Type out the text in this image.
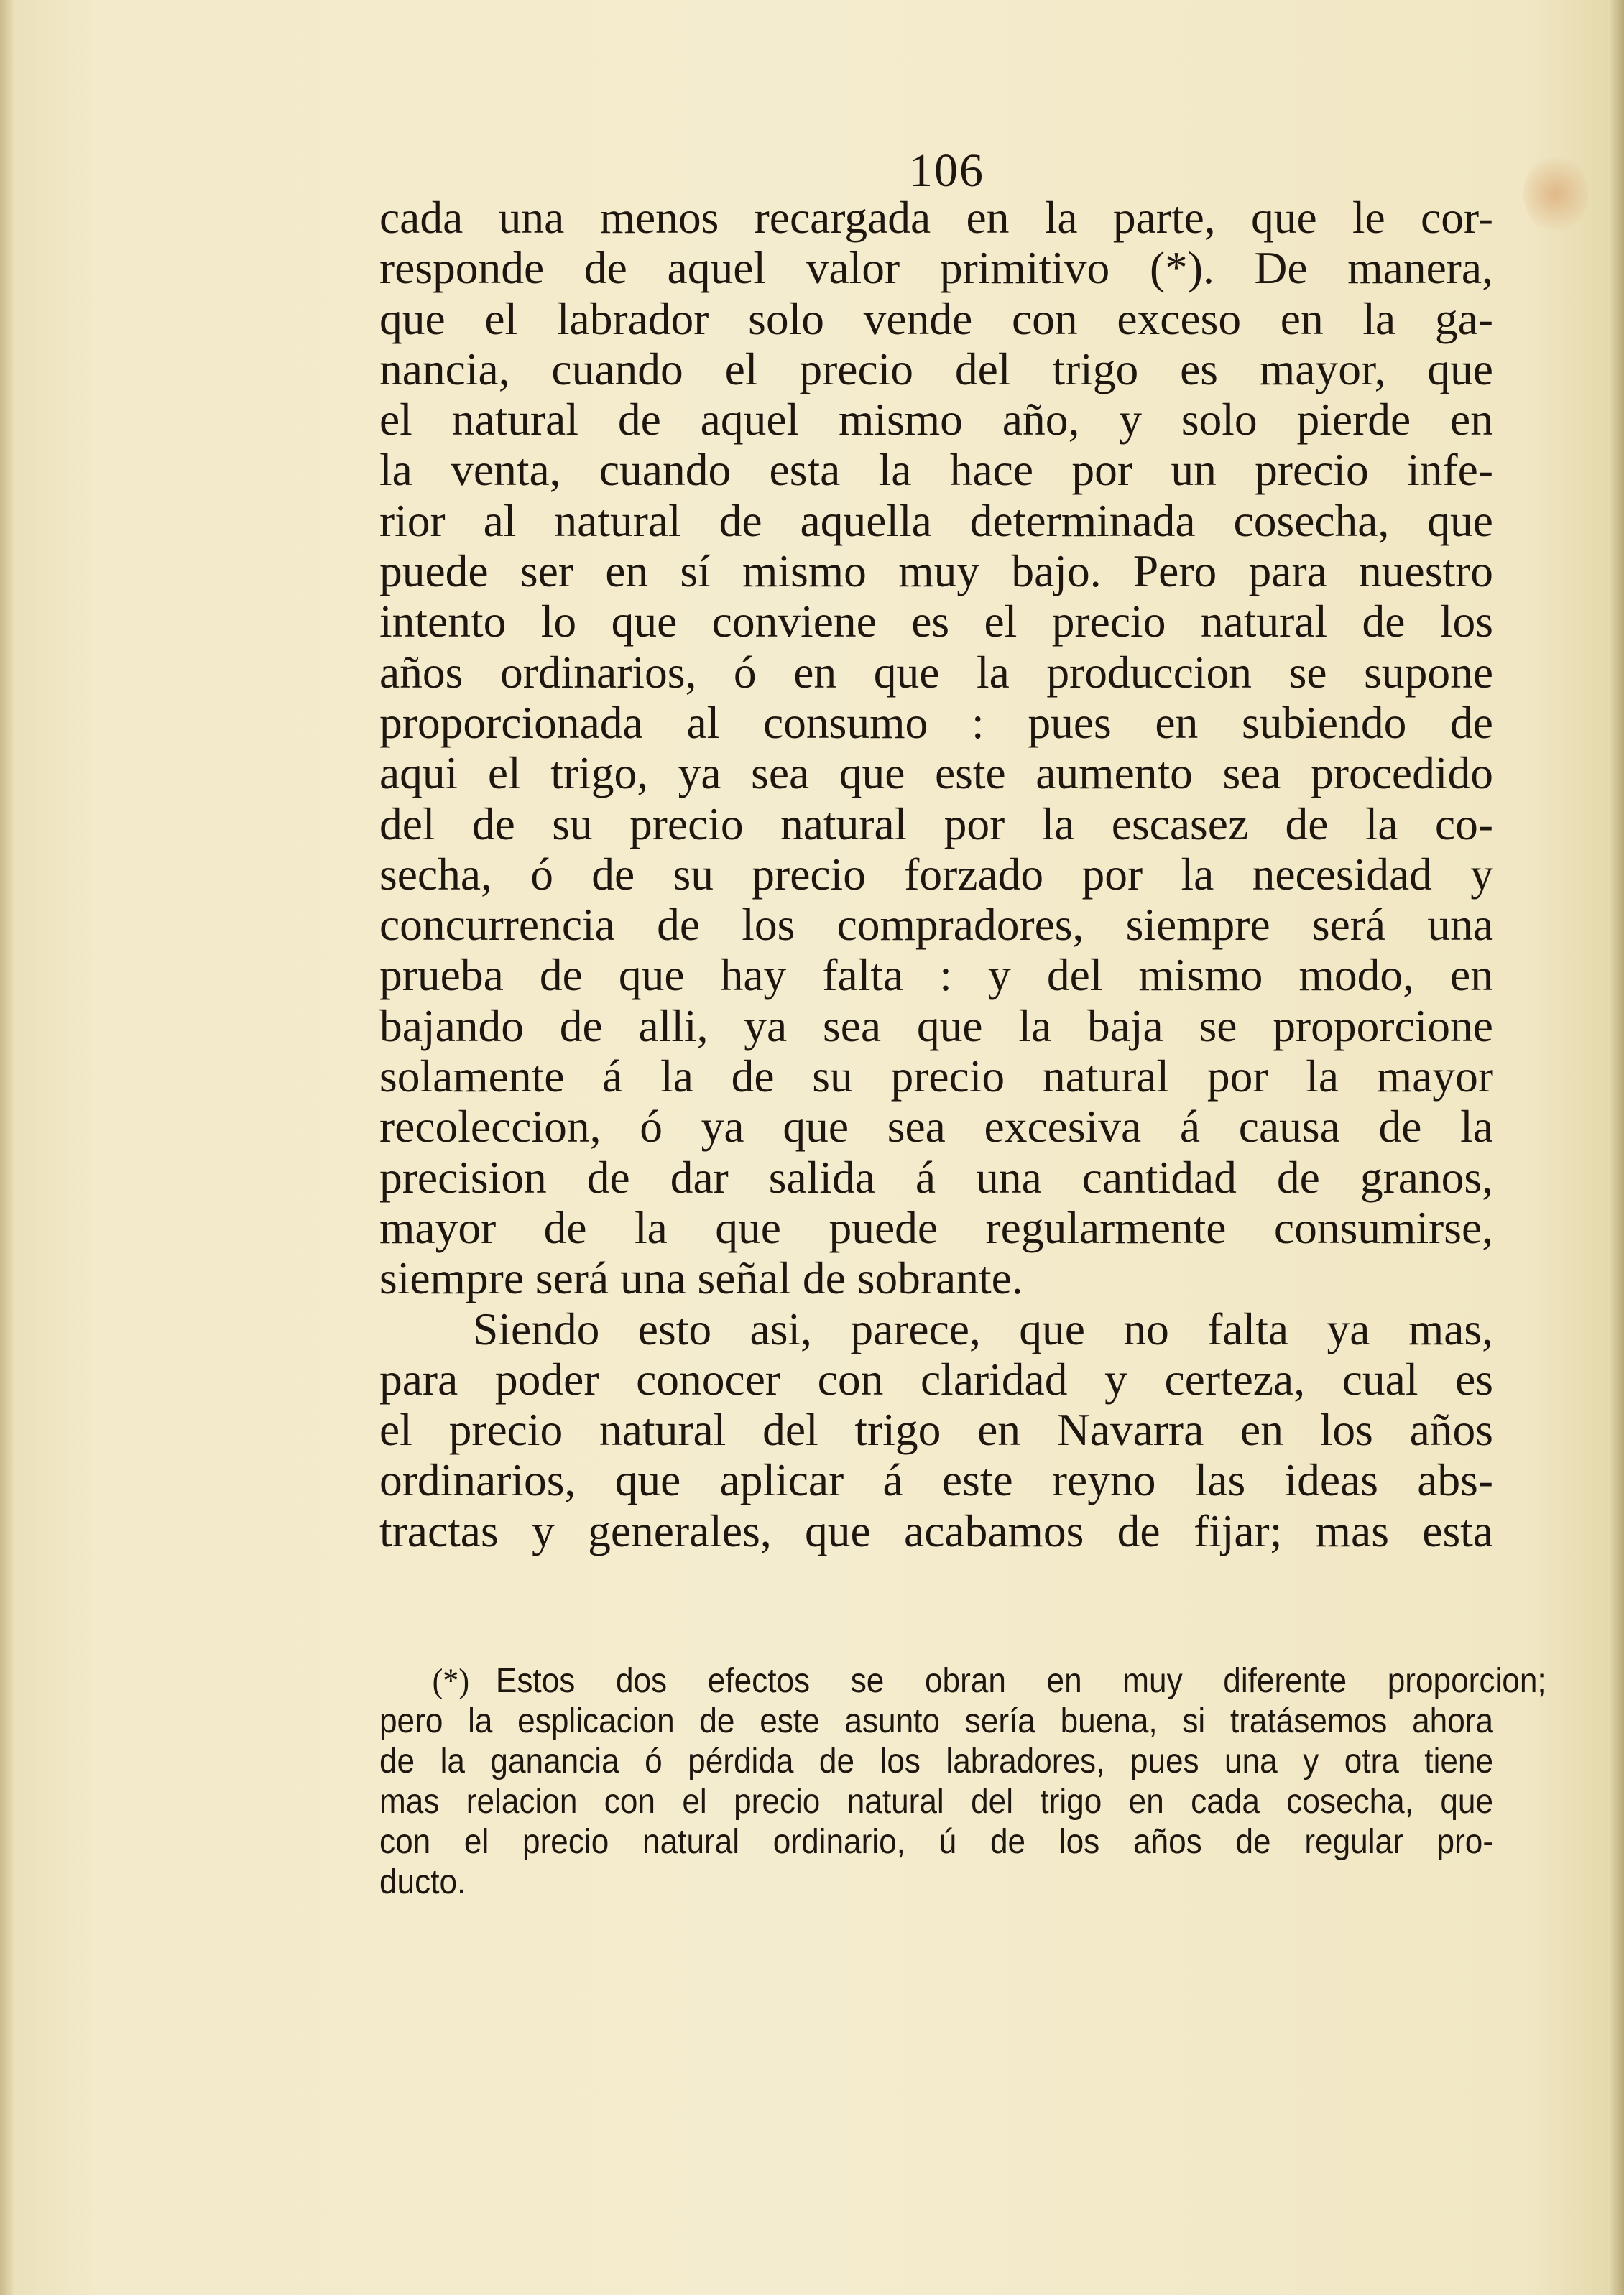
106
cada una menos recargada en la parte, que le cor-
responde de aquel valor primitivo (*). De manera,
que el labrador solo vende con exceso en la ga-
nancia, cuando el precio del trigo es mayor, que
el natural de aquel mismo año, y solo pierde en
la venta, cuando esta la hace por un precio infe-
rior al natural de aquella determinada cosecha, que
puede ser en sí mismo muy bajo. Pero para nuestro
intento lo que conviene es el precio natural de los
años ordinarios, ó en que la produccion se supone
proporcionada al consumo : pues en subiendo de
aqui el trigo, ya sea que este aumento sea procedido
del de su precio natural por la escasez de la co-
secha, ó de su precio forzado por la necesidad y
concurrencia de los compradores, siempre será una
prueba de que hay falta : y del mismo modo, en
bajando de alli, ya sea que la baja se proporcione
solamente á la de su precio natural por la mayor
recoleccion, ó ya que sea excesiva á causa de la
precision de dar salida á una cantidad de granos,
mayor de la que puede regularmente consumirse,
siempre será una señal de sobrante.
Siendo esto asi, parece, que no falta ya mas,
para poder conocer con claridad y certeza, cual es
el precio natural del trigo en Navarra en los años
ordinarios, que aplicar á este reyno las ideas abs-
tractas y generales, que acabamos de fijar; mas esta
(*) Estos dos efectos se obran en muy diferente proporcion;
pero la esplicacion de este asunto sería buena, si tratásemos ahora
de la ganancia ó pérdida de los labradores, pues una y otra tiene
mas relacion con el precio natural del trigo en cada cosecha, que
con el precio natural ordinario, ú de los años de regular pro-
ducto.
